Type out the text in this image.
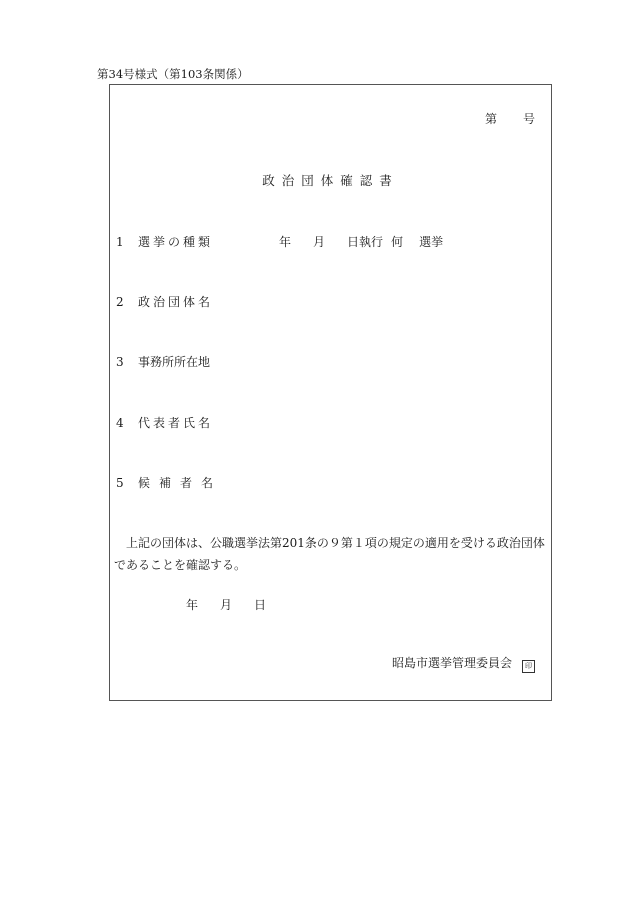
第34号様式（第103条関係）
第 号
政治団体確認書
1 選挙の種類	年 月 日執行 何 選挙
2 政治団体名
3 事務所所在地
4 代表者氏名
5 候補者名
上記の団体は、公職選挙法第201条の９第１項の規定の適用を受ける政治団体であることを確認する。
年 月 日
昭島市選挙管理委員会 印
